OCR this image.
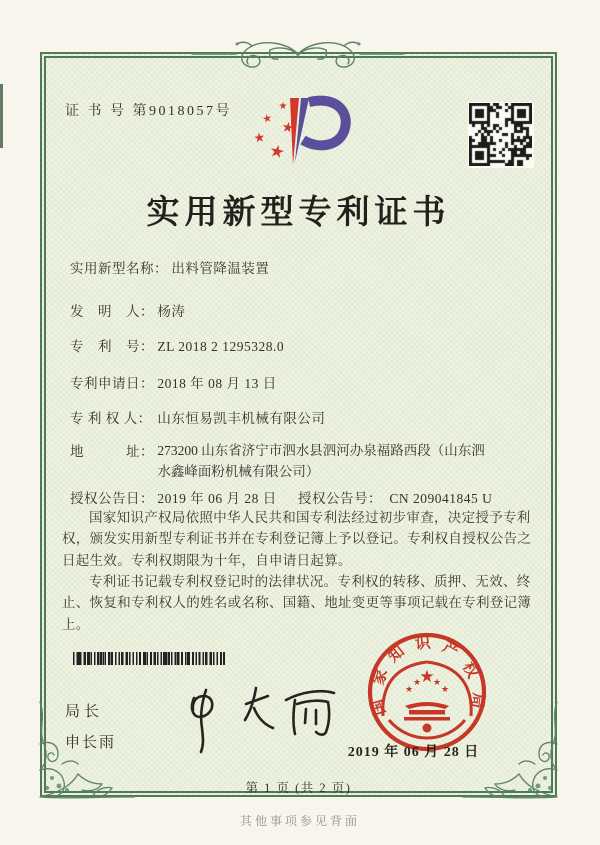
证 书 号 第9018057号	★
★
★
★
★
实用新型专利证书
实用新型名称： 出料管降温装置
发　明　人： 杨涛
专　利　号： ZL 2018 2 1295328.0
专利申请日： 2018 年 08 月 13 日
专 利 权 人： 山东恒易凯丰机械有限公司
地　　　址： 273200 山东省济宁市泗水县泗河办泉福路西段（山东泗
水鑫峰面粉机械有限公司）
授权公告日： 2019 年 06 月 28 日 授权公告号： CN 209041845 U

国家知识产权局依照中华人民共和国专利法经过初步审查，决定授予专利权，颁发实用新型专利证书并在专利登记簿上予以登记。专利权自授权公告之日起生效。专利权期限为十年，自申请日起算。

专利证书记载专利权登记时的法律状况。专利权的转移、质押、无效、终止、恢复和专利权人的姓名或名称、国籍、地址变更等事项记载在专利登记簿上。

局长
申长雨
2019 年 06 月 28 日
国
家
知 识 产
权
局
★
★
★ ★
★
第 1 页 (共 2 页)
其他事项参见背面
